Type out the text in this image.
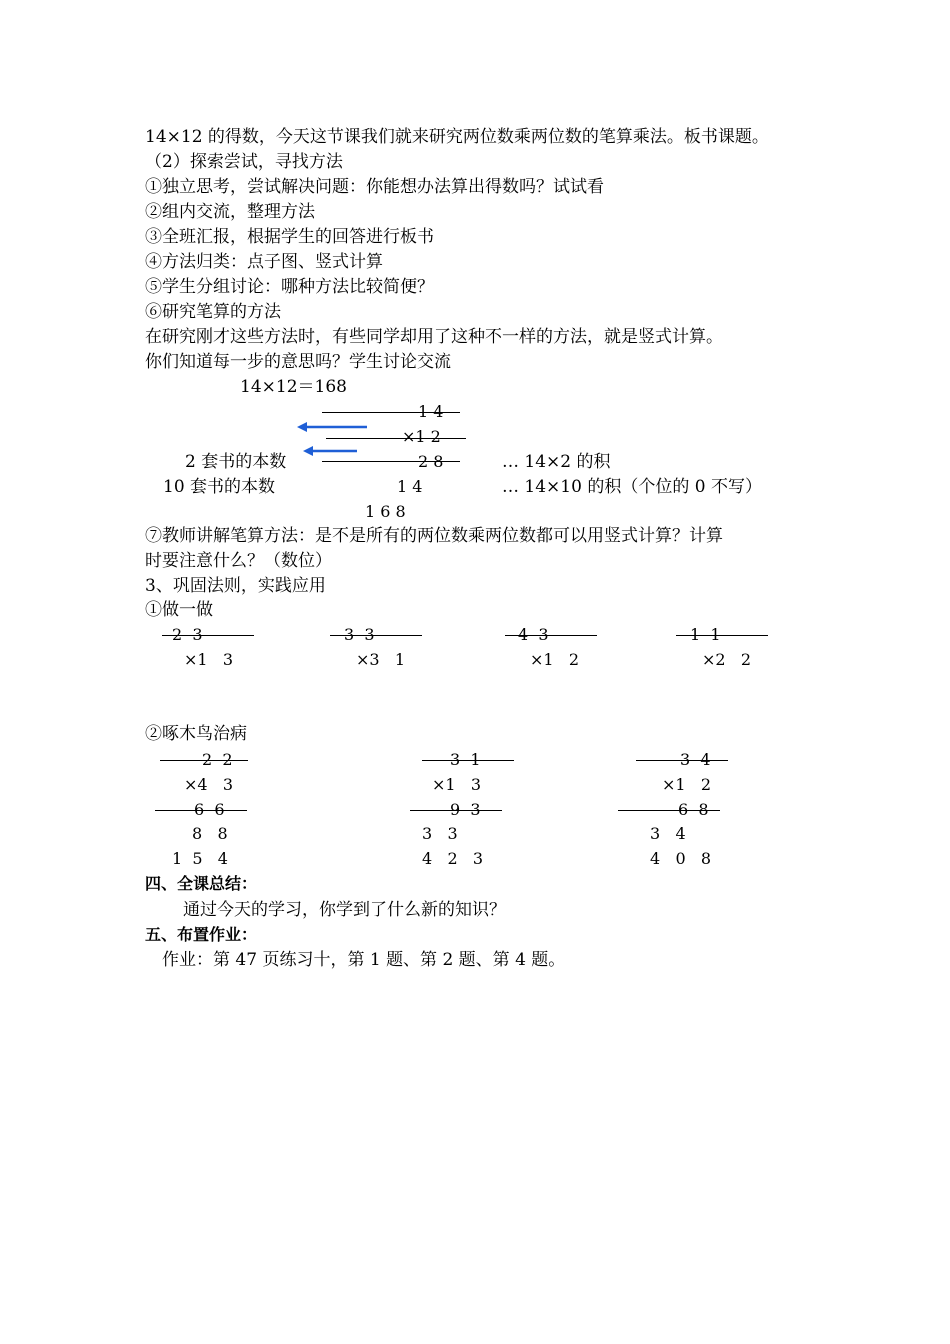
14×12 的得数，今天这节课我们就来研究两位数乘两位数的笔算乘法。板书课题。
（2）探索尝试，寻找方法
①独立思考，尝试解决问题：你能想办法算出得数吗？试试看
②组内交流，整理方法
③全班汇报，根据学生的回答进行板书
④方法归类：点子图、竖式计算
⑤学生分组讨论：哪种方法比较简便？
⑥研究笔算的方法
在研究刚才这些方法时，有些同学却用了这种不一样的方法，就是竖式计算。
你们知道每一步的意思吗？学生讨论交流
14×12＝168
1 4
×1 2
2 套书的本数	2 8	… 14×2 的积
10 套书的本数	1 4	… 14×10 的积（个位的 0 不写）
1 6 8
⑦教师讲解笔算方法：是不是所有的两位数乘两位数都可以用竖式计算？计算
时要注意什么？（数位）
3、巩固法则，实践应用
①做一做
2  3
×1   3
3  3
×3   1
4  3
×1   2
1  1
×2   2
②啄木鸟治病
2  2
×4   3
6  6
8   8
1  5   4
3  1
×1   3
9  3
3   3
4   2   3
3  4
×1   2
6  8
3   4
4   0   8
四、全课总结：
通过今天的学习，你学到了什么新的知识？
五、布置作业：
作业：第 47 页练习十，第 1 题、第 2 题、第 4 题。
